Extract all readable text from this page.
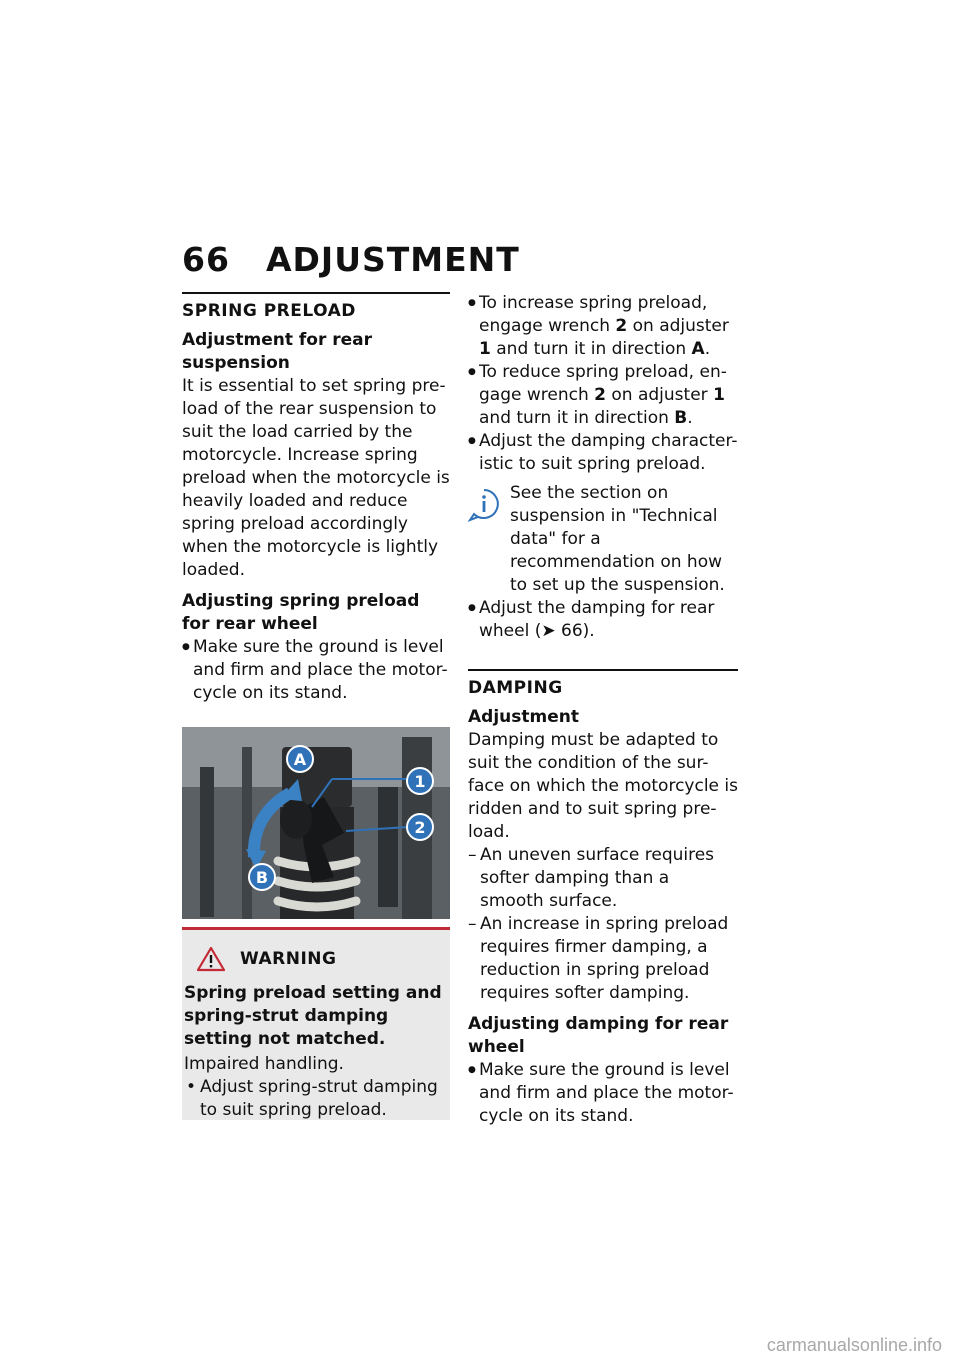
66 ADJUSTMENT
SPRING PRELOAD
Adjustment for rear suspension

It is essential to set spring pre-load of the rear suspension to suit the load carried by the motorcycle. Increase spring preload when the motorcycle is heavily loaded and reduce spring preload accordingly when the motorcycle is lightly loaded.

Adjusting spring preload for rear wheel

● Make sure the ground is level and firm and place the motor-cycle on its stand.

A
B
1
2
WARNING
Spring preload setting and spring-strut damping setting not matched.

Impaired handling.

• Adjust spring-strut damping to suit spring preload.

● To increase spring preload, engage wrench 2 on adjuster 1 and turn it in direction A.

● To reduce spring preload, en-gage wrench 2 on adjuster 1 and turn it in direction B.

● Adjust the damping character-istic to suit spring preload.

See the section on suspension in "Technical data" for a recommendation on how to set up the suspension.

● Adjust the damping for rear wheel (➤ 66).

DAMPING
Adjustment

Damping must be adapted to suit the condition of the sur-face on which the motorcycle is ridden and to suit spring pre-load.

– An uneven surface requires softer damping than a smooth surface.

– An increase in spring preload requires firmer damping, a reduction in spring preload requires softer damping.

Adjusting damping for rear wheel

● Make sure the ground is level and firm and place the motor-cycle on its stand.

carmanualsonline.info
